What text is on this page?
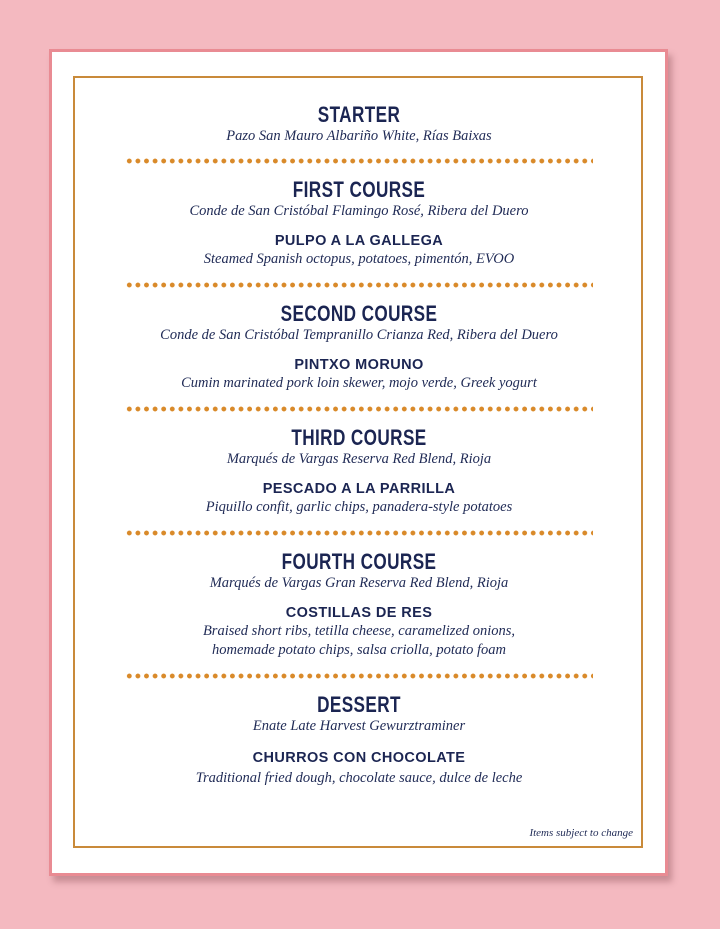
STARTER
Pazo San Mauro Albariño White, Rías Baixas
FIRST COURSE
Conde de San Cristóbal Flamingo Rosé, Ribera del Duero
PULPO A LA GALLEGA
Steamed Spanish octopus, potatoes, pimentón, EVOO
SECOND COURSE
Conde de San Cristóbal Tempranillo Crianza Red, Ribera del Duero
PINTXO MORUNO
Cumin marinated pork loin skewer, mojo verde, Greek yogurt
THIRD COURSE
Marqués de Vargas Reserva Red Blend, Rioja
PESCADO A LA PARRILLA
Piquillo confit, garlic chips, panadera-style potatoes
FOURTH COURSE
Marqués de Vargas Gran Reserva Red Blend, Rioja
COSTILLAS DE RES
Braised short ribs, tetilla cheese, caramelized onions,
homemade potato chips, salsa criolla, potato foam
DESSERT
Enate Late Harvest Gewurztraminer
CHURROS CON CHOCOLATE
Traditional fried dough, chocolate sauce, dulce de leche
Items subject to change
